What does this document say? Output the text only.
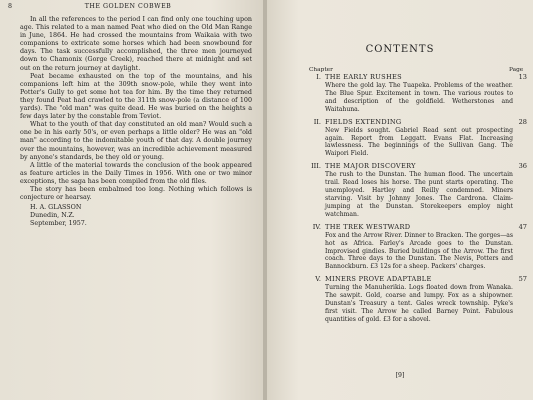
8	THE GOLDEN COBWEB

In all the references to the period I can find only one touching upon age. This related to a man named Peat who died on the Old Man Range in June, 1864. He had crossed the mountains from Waikaia with two companions to extricate some horses which had been snowbound for days. The task successfully accomplished, the three men journeyed down to Chamonix (Gorge Creek), reached there at midnight and set out on the return journey at daylight.

Peat became exhausted on the top of the mountains, and his companions left him at the 309th snow-pole, while they went into Potter's Gully to get some hot tea for him. By the time they returned they found Peat had crawled to the 311th snow-pole (a distance of 100 yards). The "old man" was quite dead. He was buried on the heights a few days later by the constable from Teviot.

What to the youth of that day constituted an old man? Would such a one be in his early 50's, or even perhaps a little older? He was an "old man" according to the indomitable youth of that day. A double journey over the mountains, however, was an incredible achievement measured by anyone's standards, be they old or young.

A little of the material towards the conclusion of the book appeared as feature articles in the Daily Times in 1956. With one or two minor exceptions, the saga has been compiled from the old files.

The story has been embalmed too long. Nothing which follows is conjecture or hearsay.

H. A. GLASSON
Dunedin, N.Z.
September, 1957.
CONTENTS
Chapter	Page
I. THE EARLY RUSHES	13
Where the gold lay. The Tuapeka. Problems of the weather. The Blue Spur. Excitement in town. The various routes to and description of the goldfield. Wetherstones and Waitahuna.
II. FIELDS EXTENDING	28
New Fields sought. Gabriel Read sent out prospecting again. Report from Leggatt. Evans Flat. Increasing lawlessness. The beginnings of the Sullivan Gang. The Waipori Field.
III. THE MAJOR DISCOVERY	36
The rush to the Dunstan. The human flood. The uncertain trail. Read loses his horse. The punt starts operating. The unemployed. Hartley and Reilly condemned. Miners starving. Visit by Johnny Jones. The Cardrona. Claim-jumping at the Dunstan. Storekeepers employ night watchman.
IV. THE TREK WESTWARD	47
Fox and the Arrow River. Dinner to Bracken. The gorges—as hot as Africa. Farley's Arcade goes to the Dunstan. Improvised gindies. Buried buildings of the Arrow. The first coach. Three days to the Dunstan. The Nevis, Potters and Bannockburn. £3 12s for a sheep. Packers' charges.
V. MINERS PROVE ADAPTABLE	57
Turning the Manuherikia. Logs floated down from Wanaka. The sawpit. Gold, coarse and lumpy. Fox as a shipowner. Dunstan's Treasury a tent. Gales wreck township. Pyke's first visit. The Arrow he called Barney Point. Fabulous quantities of gold. £3 for a shovel.
[9]
